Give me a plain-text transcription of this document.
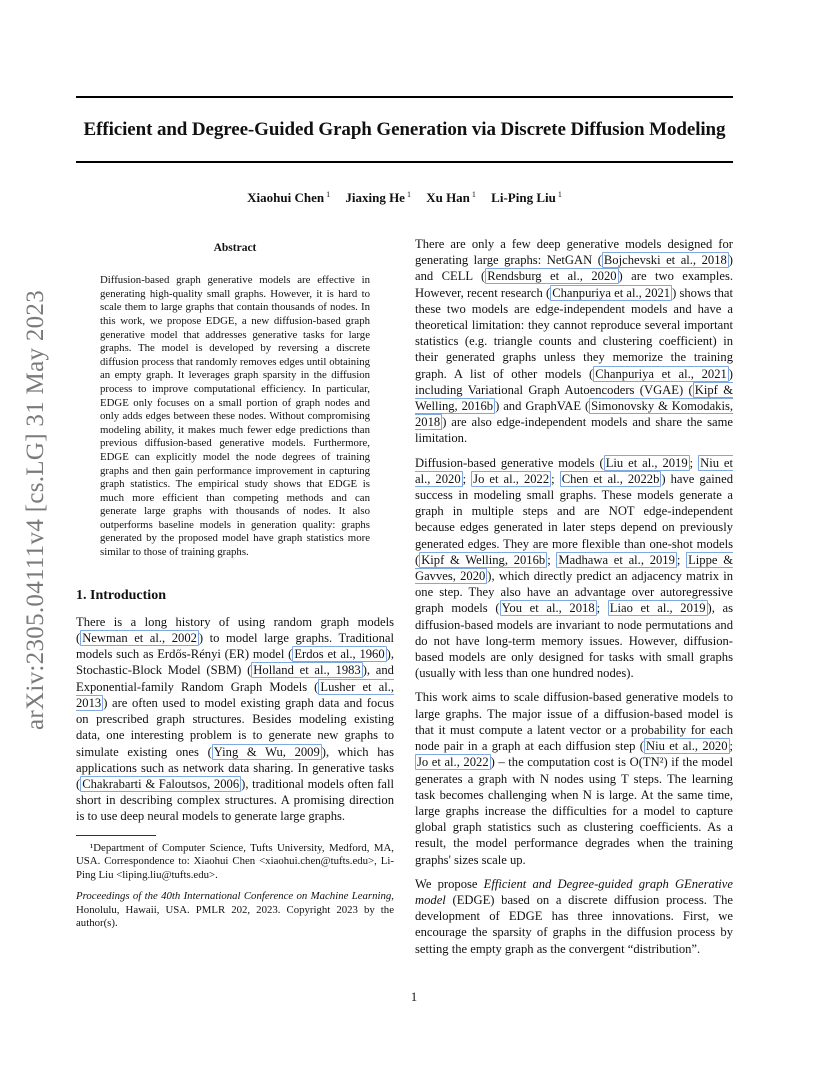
Efficient and Degree-Guided Graph Generation via Discrete Diffusion Modeling
Xiaohui Chen $^1$ Jiaxing He $^1$ Xu Han $^1$ Li-Ping Liu $^1$
arXiv:2305.04111v4 [cs.LG] 31 May 2023
Abstract
Diffusion-based graph generative models are effective in generating high-quality small graphs. However, it is hard to scale them to large graphs that contain thousands of nodes. In this work, we propose EDGE, a new diffusion-based graph generative model that addresses generative tasks for large graphs. The model is developed by reversing a discrete diffusion process that randomly removes edges until obtaining an empty graph. It leverages graph sparsity in the diffusion process to improve computational efficiency. In particular, EDGE only focuses on a small portion of graph nodes and only adds edges between these nodes. Without compromising modeling ability, it makes much fewer edge predictions than previous diffusion-based generative models. Furthermore, EDGE can explicitly model the node degrees of training graphs and then gain performance improvement in capturing graph statistics. The empirical study shows that EDGE is much more efficient than competing methods and can generate large graphs with thousands of nodes. It also outperforms baseline models in generation quality: graphs generated by the proposed model have graph statistics more similar to those of training graphs.
1. Introduction

There is a long history of using random graph models ( Newman et al., 2002 ) to model large graphs. Traditional models such as Erdős-Rényi (ER) model ( Erdos et al., 1960 ), Stochastic-Block Model (SBM) ( Holland et al., 1983 ), and Exponential-family Random Graph Models ( Lusher et al., 2013 ) are often used to model existing graph data and focus on prescribed graph structures. Besides modeling existing data, one interesting problem is to generate new graphs to simulate existing ones ( Ying & Wu, 2009 ), which has applications such as network data sharing. In generative tasks ( Chakrabarti & Faloutsos, 2006 ), traditional models often fall short in describing complex structures. A promising direction is to use deep neural models to generate large graphs.

¹Department of Computer Science, Tufts University, Medford, MA, USA. Correspondence to: Xiaohui Chen <xiaohui.chen@tufts.edu>, Li-Ping Liu <liping.liu@tufts.edu>.
Proceedings of the 40th International Conference on Machine Learning, Honolulu, Hawaii, USA. PMLR 202, 2023. Copyright 2023 by the author(s).

There are only a few deep generative models designed for generating large graphs: NetGAN ( Bojchevski et al., 2018 ) and CELL ( Rendsburg et al., 2020 ) are two examples. However, recent research ( Chanpuriya et al., 2021 ) shows that these two models are edge-independent models and have a theoretical limitation: they cannot reproduce several important statistics (e.g. triangle counts and clustering coefficient) in their generated graphs unless they memorize the training graph. A list of other models ( Chanpuriya et al., 2021 ) including Variational Graph Autoencoders (VGAE) ( Kipf & Welling, 2016b ) and GraphVAE ( Simonovsky & Komodakis, 2018 ) are also edge-independent models and share the same limitation.

Diffusion-based generative models ( Liu et al., 2019 ; Niu et al., 2020 ; Jo et al., 2022 ; Chen et al., 2022b ) have gained success in modeling small graphs. These models generate a graph in multiple steps and are NOT edge-independent because edges generated in later steps depend on previously generated edges. They are more flexible than one-shot models ( Kipf & Welling, 2016b ; Madhawa et al., 2019 ; Lippe & Gavves, 2020 ), which directly predict an adjacency matrix in one step. They also have an advantage over autoregressive graph models ( You et al., 2018 ; Liao et al., 2019 ), as diffusion-based models are invariant to node permutations and do not have long-term memory issues. However, diffusion-based models are only designed for tasks with small graphs (usually with less than one hundred nodes).

This work aims to scale diffusion-based generative models to large graphs. The major issue of a diffusion-based model is that it must compute a latent vector or a probability for each node pair in a graph at each diffusion step ( Niu et al., 2020 ; Jo et al., 2022 ) – the computation cost is O(TN²) if the model generates a graph with N nodes using T steps. The learning task becomes challenging when N is large. At the same time, large graphs increase the difficulties for a model to capture global graph statistics such as clustering coefficients. As a result, the model performance degrades when the training graphs' sizes scale up.

We propose Efficient and Degree-guided graph GEnerative model (EDGE) based on a discrete diffusion process. The development of EDGE has three innovations. First, we encourage the sparsity of graphs in the diffusion process by setting the empty graph as the convergent “distribution”.

1
